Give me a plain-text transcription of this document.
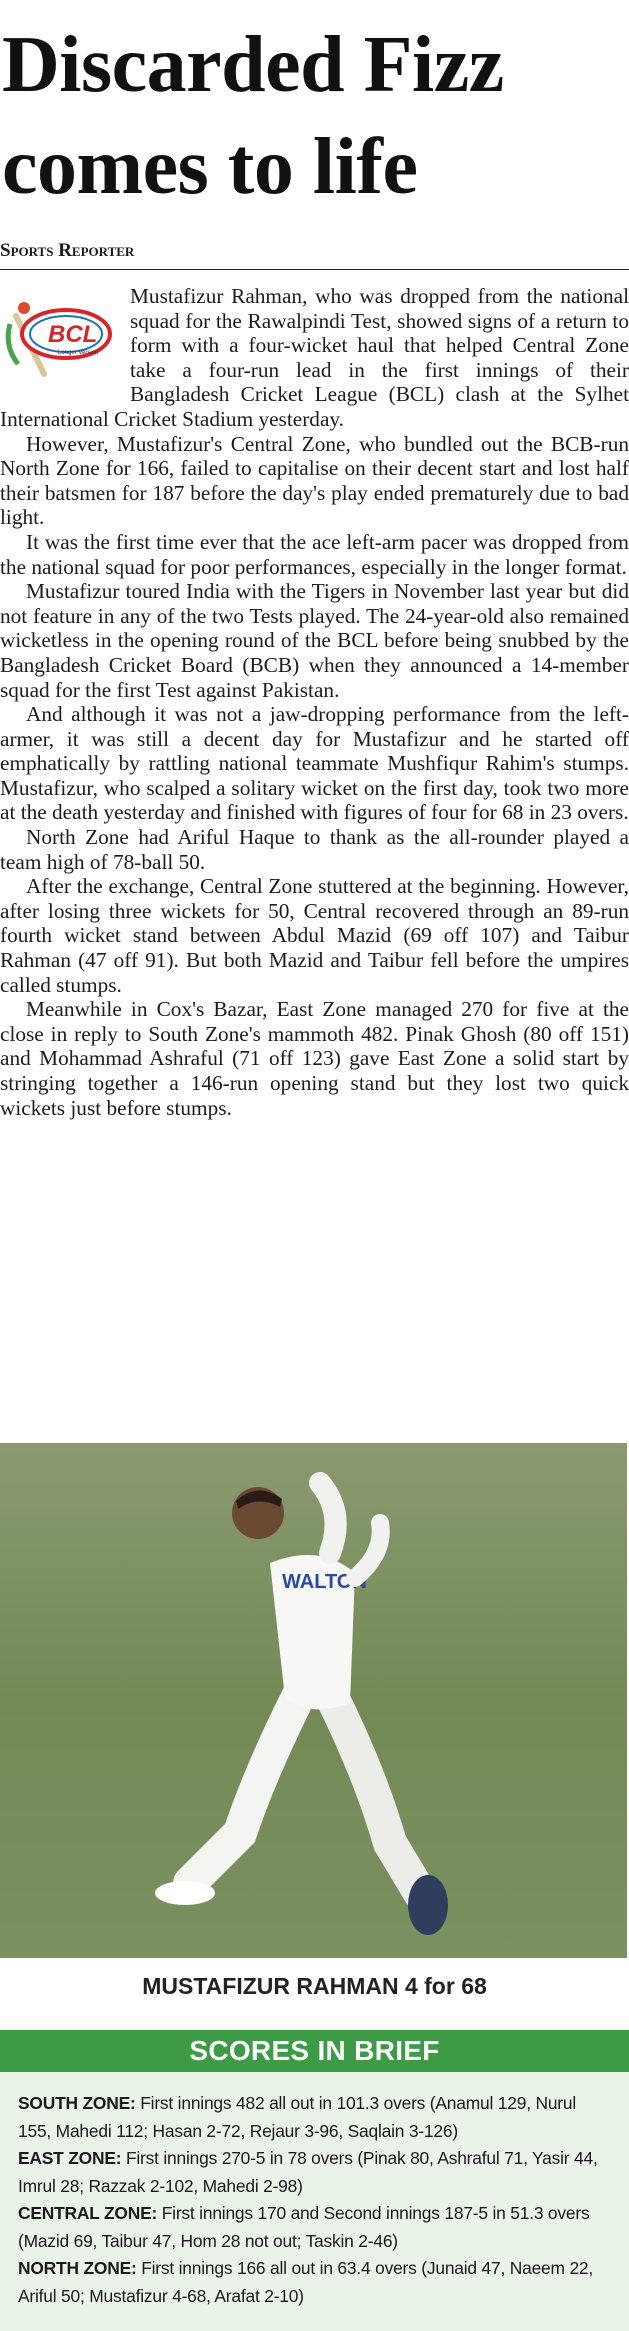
Discarded Fizz comes to life
Sports Reporter
BCL
Longer Version

Mustafizur Rahman, who was dropped from the national squad for the Rawalpindi Test, showed signs of a return to form with a four-wicket haul that helped Central Zone take a four-run lead in the first innings of their Bangladesh Cricket League (BCL) clash at the Sylhet International Cricket Stadium yesterday.

However, Mustafizur's Central Zone, who bundled out the BCB-run North Zone for 166, failed to capitalise on their decent start and lost half their batsmen for 187 before the day's play ended prematurely due to bad light.

It was the first time ever that the ace left-arm pacer was dropped from the national squad for poor performances, especially in the longer format.

Mustafizur toured India with the Tigers in November last year but did not feature in any of the two Tests played. The 24-year-old also remained wicketless in the opening round of the BCL before being snubbed by the Bangladesh Cricket Board (BCB) when they announced a 14-member squad for the first Test against Pakistan.

And although it was not a jaw-dropping performance from the left-armer, it was still a decent day for Mustafizur and he started off emphatically by rattling national teammate Mushfiqur Rahim's stumps. Mustafizur, who scalped a solitary wicket on the first day, took two more at the death yesterday and finished with figures of four for 68 in 23 overs.

North Zone had Ariful Haque to thank as the all-rounder played a team high of 78-ball 50.

After the exchange, Central Zone stuttered at the beginning. However, after losing three wickets for 50, Central recovered through an 89-run fourth wicket stand between Abdul Mazid (69 off 107) and Taibur Rahman (47 off 91). But both Mazid and Taibur fell before the umpires called stumps.

Meanwhile in Cox's Bazar, East Zone managed 270 for five at the close in reply to South Zone's mammoth 482. Pinak Ghosh (80 off 151) and Mohammad Ashraful (71 off 123) gave East Zone a solid start by stringing together a 146-run opening stand but they lost two quick wickets just before stumps.

WALTON
MUSTAFIZUR RAHMAN 4 for 68
SCORES IN BRIEF
SOUTH ZONE: First innings 482 all out in 101.3 overs (Anamul 129, Nurul 155, Mahedi 112; Hasan 2-72, Rejaur 3-96, Saqlain 3-126)
EAST ZONE: First innings 270-5 in 78 overs (Pinak 80, Ashraful 71, Yasir 44, Imrul 28; Razzak 2-102, Mahedi 2-98)
CENTRAL ZONE: First innings 170 and Second innings 187-5 in 51.3 overs (Mazid 69, Taibur 47, Hom 28 not out; Taskin 2-46)
NORTH ZONE: First innings 166 all out in 63.4 overs (Junaid 47, Naeem 22, Ariful 50; Mustafizur 4-68, Arafat 2-10)
